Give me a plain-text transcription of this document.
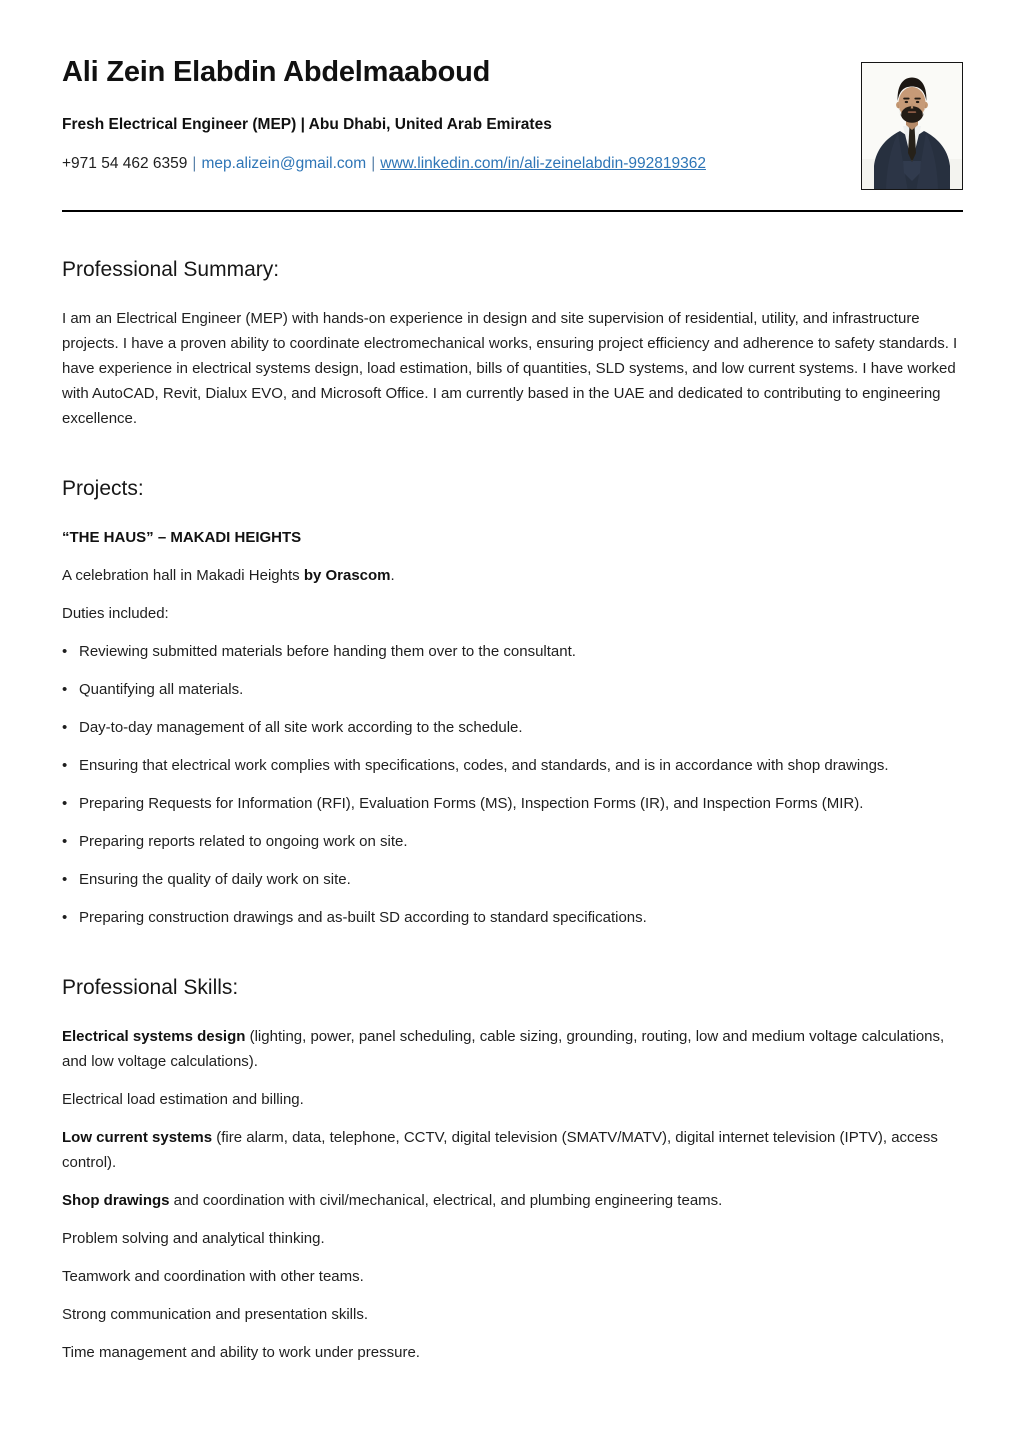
Ali Zein Elabdin Abdelmaaboud

Fresh Electrical Engineer (MEP) | Abu Dhabi, United Arab Emirates

+971 54 462 6359 | mep.alizein@gmail.com | www.linkedin.com/in/ali-zeinelabdin-992819362

Professional Summary:

I am an Electrical Engineer (MEP) with hands-on experience in design and site supervision of residential, utility, and infrastructure projects. I have a proven ability to coordinate electromechanical works, ensuring project efficiency and adherence to safety standards. I have experience in electrical systems design, load estimation, bills of quantities, SLD systems, and low current systems. I have worked with AutoCAD, Revit, Dialux EVO, and Microsoft Office. I am currently based in the UAE and dedicated to contributing to engineering excellence.

Projects:

“THE HAUS” – MAKADI HEIGHTS

A celebration hall in Makadi Heights by Orascom.

Duties included:

• Reviewing submitted materials before handing them over to the consultant.
• Quantifying all materials.
• Day-to-day management of all site work according to the schedule.
• Ensuring that electrical work complies with specifications, codes, and standards, and is in accordance with shop drawings.
• Preparing Requests for Information (RFI), Evaluation Forms (MS), Inspection Forms (IR), and Inspection Forms (MIR).
• Preparing reports related to ongoing work on site.
• Ensuring the quality of daily work on site.
• Preparing construction drawings and as-built SD according to standard specifications.
Professional Skills:

Electrical systems design (lighting, power, panel scheduling, cable sizing, grounding, routing, low and medium voltage calculations, and low voltage calculations).

Electrical load estimation and billing.

Low current systems (fire alarm, data, telephone, CCTV, digital television (SMATV/MATV), digital internet television (IPTV), access control).

Shop drawings and coordination with civil/mechanical, electrical, and plumbing engineering teams.

Problem solving and analytical thinking.

Teamwork and coordination with other teams.

Strong communication and presentation skills.

Time management and ability to work under pressure.
